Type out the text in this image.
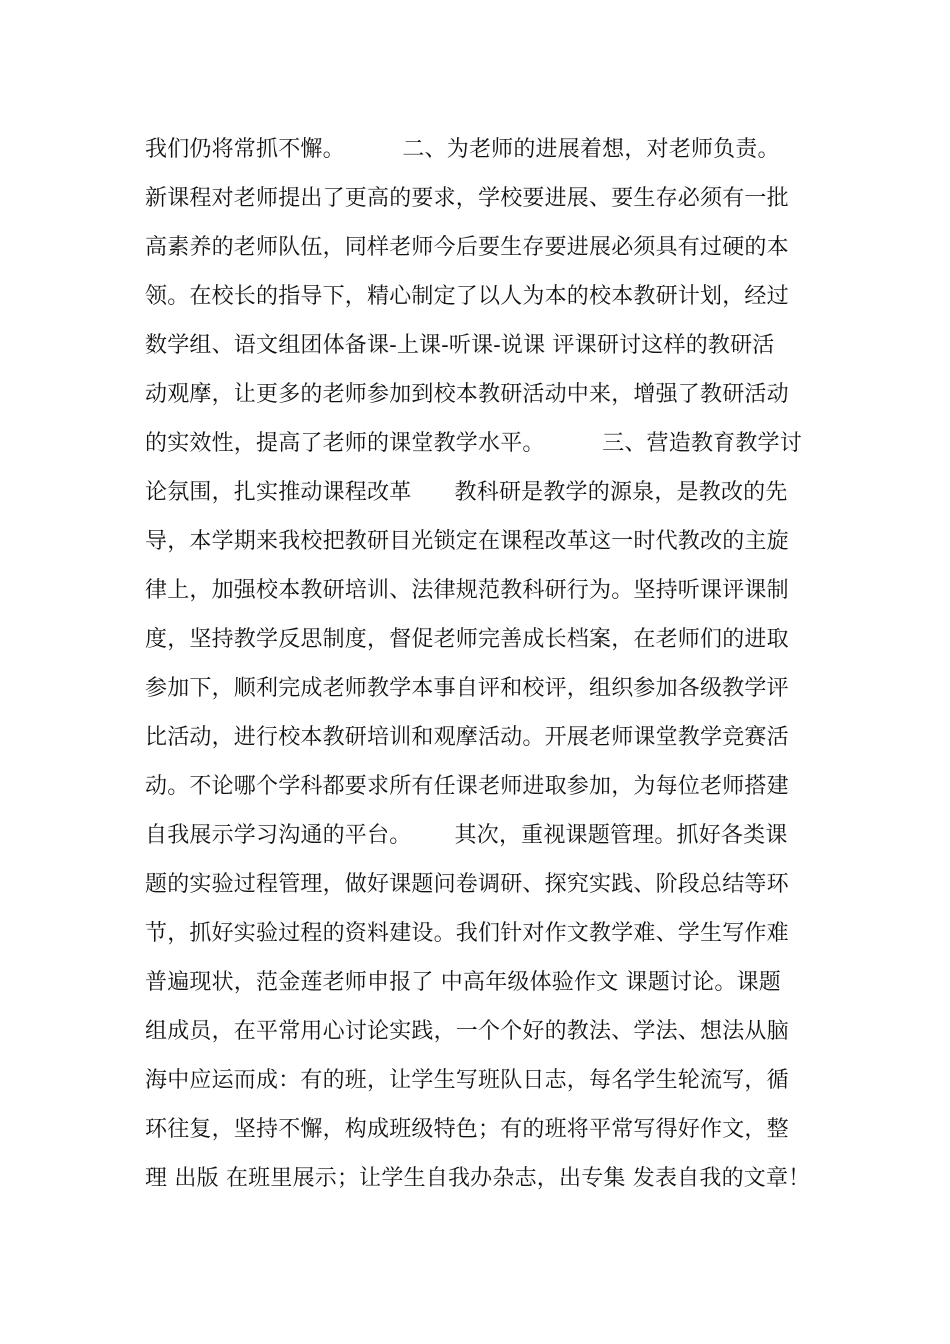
我们仍将常抓不懈。        二、为老师的进展着想，对老师负责。
新课程对老师提出了更高的要求，学校要进展、要生存必须有一批
高素养的老师队伍，同样老师今后要生存要进展必须具有过硬的本
领。在校长的指导下，精心制定了以人为本的校本教研计划，经过
数学组、语文组团体备课-上课-听课-说课 评课研讨这样的教研活
动观摩，让更多的老师参加到校本教研活动中来，增强了教研活动
的实效性，提高了老师的课堂教学水平。        三、营造教育教学讨
论氛围，扎实推动课程改革      教科研是教学的源泉，是教改的先
导，本学期来我校把教研目光锁定在课程改革这一时代教改的主旋
律上，加强校本教研培训、法律规范教科研行为。坚持听课评课制
度，坚持教学反思制度，督促老师完善成长档案，在老师们的进取
参加下，顺利完成老师教学本事自评和校评，组织参加各级教学评
比活动，进行校本教研培训和观摩活动。开展老师课堂教学竞赛活
动。不论哪个学科都要求所有任课老师进取参加，为每位老师搭建
自我展示学习沟通的平台。      其次，重视课题管理。抓好各类课
题的实验过程管理，做好课题问卷调研、探究实践、阶段总结等环
节，抓好实验过程的资料建设。我们针对作文教学难、学生写作难
普遍现状，范金莲老师申报了 中高年级体验作文 课题讨论。课题
组成员，在平常用心讨论实践，一个个好的教法、学法、想法从脑
海中应运而成：有的班，让学生写班队日志，每名学生轮流写，循
环往复，坚持不懈，构成班级特色；有的班将平常写得好作文，整
理 出版 在班里展示；让学生自我办杂志，出专集 发表自我的文章！
